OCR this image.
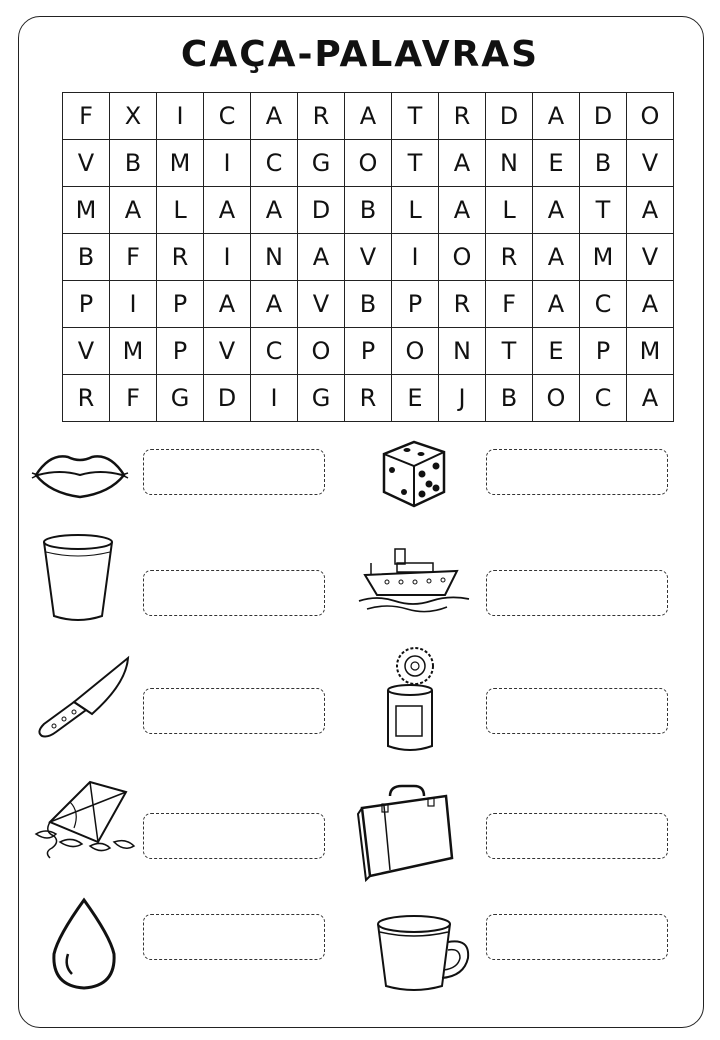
CAÇA-PALAVRAS
F	X	I	C	A	R	A	T	R	D	A	D	O
V	B	M	I	C	G	O	T	A	N	E	B	V
M	A	L	A	A	D	B	L	A	L	A	T	A
B	F	R	I	N	A	V	I	O	R	A	M	V
P	I	P	A	A	V	B	P	R	F	A	C	A
V	M	P	V	C	O	P	O	N	T	E	P	M
R	F	G	D	I	G	R	E	J	B	O	C	A
